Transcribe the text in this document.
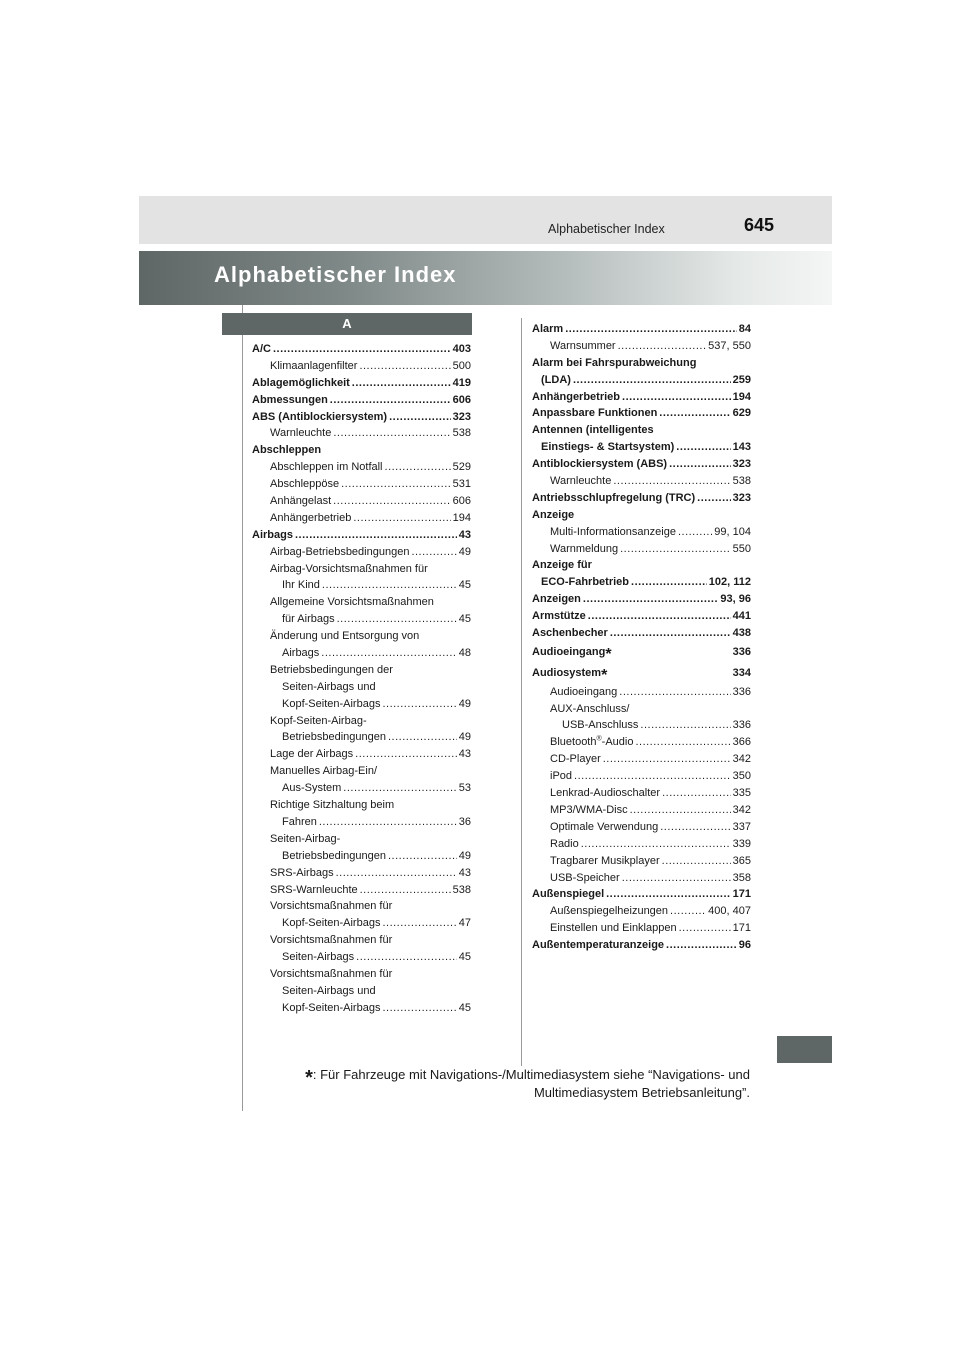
Alphabetischer Index	645
Alphabetischer Index
A
A/C .....	403
Klimaanlagenfilter .....	500
Ablagemöglichkeit .....	419
Abmessungen .....	606
ABS (Antiblockiersystem) .....	323
Warnleuchte .....	538
Abschleppen
Abschleppen im Notfall .....	529
Abschleppöse .....	531
Anhängelast .....	606
Anhängerbetrieb .....	194
Airbags .....	43
Airbag-Betriebsbedingungen .....	49
Airbag-Vorsichtsmaßnahmen für
Ihr Kind .....	45
Allgemeine Vorsichtsmaßnahmen
für Airbags .....	45
Änderung und Entsorgung von
Airbags .....	48
Betriebsbedingungen der
Seiten-Airbags und
Kopf-Seiten-Airbags .....	49
Kopf-Seiten-Airbag-
Betriebsbedingungen .....	49
Lage der Airbags .....	43
Manuelles Airbag-Ein/
Aus-System .....	53
Richtige Sitzhaltung beim
Fahren .....	36
Seiten-Airbag-
Betriebsbedingungen .....	49
SRS-Airbags .....	43
SRS-Warnleuchte .....	538
Vorsichtsmaßnahmen für
Kopf-Seiten-Airbags .....	47
Vorsichtsmaßnahmen für
Seiten-Airbags .....	45
Vorsichtsmaßnahmen für
Seiten-Airbags und
Kopf-Seiten-Airbags .....	45
Alarm .....	84
Warnsummer .....	537, 550
Alarm bei Fahrspurabweichung
(LDA) .....	259
Anhängerbetrieb .....	194
Anpassbare Funktionen .....	629
Antennen (intelligentes
Einstiegs- & Startsystem) .....	143
Antiblockiersystem (ABS) .....	323
Warnleuchte .....	538
Antriebsschlupfregelung (TRC) .....	323
Anzeige
Multi-Informationsanzeige .....	99, 104
Warnmeldung .....	550
Anzeige für
ECO-Fahrbetrieb .....	102, 112
Anzeigen .....	93, 96
Armstütze .....	441
Aschenbecher .....	438
Audioeingang* .....	336
Audiosystem* .....	334
Audioeingang .....	336
AUX-Anschluss/
USB-Anschluss .....	336
Bluetooth®-Audio .....	366
CD-Player .....	342
iPod .....	350
Lenkrad-Audioschalter .....	335
MP3/WMA-Disc .....	342
Optimale Verwendung .....	337
Radio .....	339
Tragbarer Musikplayer .....	365
USB-Speicher .....	358
Außenspiegel .....	171
Außenspiegelheizungen .....	400, 407
Einstellen und Einklappen .....	171
Außentemperaturanzeige .....	96
*: Für Fahrzeuge mit Navigations-/Multimediasystem siehe “Navigations- und
Multimediasystem Betriebsanleitung”.
